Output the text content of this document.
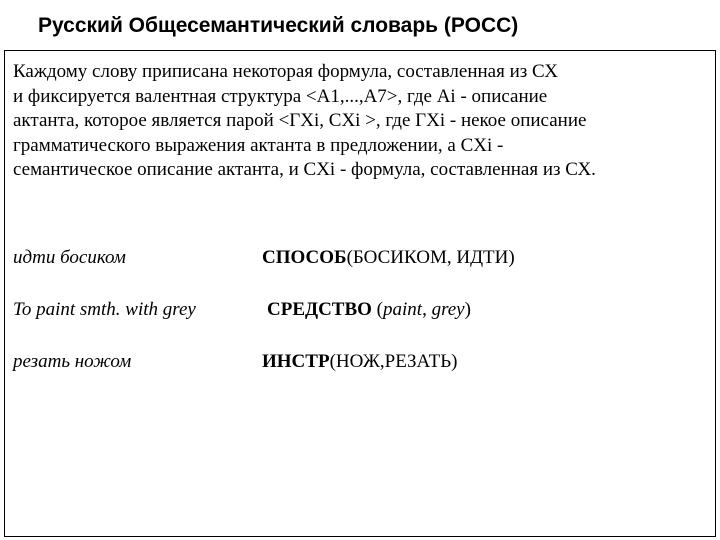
Русский Общесемантический словарь (РОСС)
Каждому слову приписана некоторая формула, составленная из СХ
и фиксируется валентная структура <A1,...,A7>, где Ai - описание
актанта, которое является парой <ГXi, СXi >, где ГXi - некое описание
грамматического выражения актанта в предложении, а СXi -
семантическое описание актанта, и СXi - формула, составленная из СХ.
идти босиком	СПОСОБ(БОСИКОМ, ИДТИ)
To paint smth. with grey	СРЕДСТВО (paint, grey)
резать ножом	ИНСТР(НОЖ,РЕЗАТЬ)
